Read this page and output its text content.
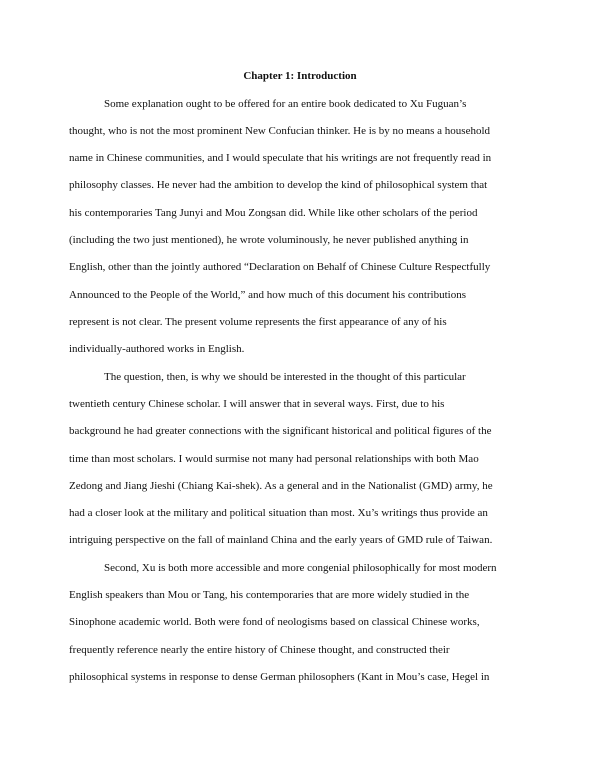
Chapter 1: Introduction

Some explanation ought to be offered for an entire book dedicated to Xu Fuguan’s

thought, who is not the most prominent New Confucian thinker. He is by no means a household

name in Chinese communities, and I would speculate that his writings are not frequently read in

philosophy classes. He never had the ambition to develop the kind of philosophical system that

his contemporaries Tang Junyi and Mou Zongsan did. While like other scholars of the period

(including the two just mentioned), he wrote voluminously, he never published anything in

English, other than the jointly authored “Declaration on Behalf of Chinese Culture Respectfully

Announced to the People of the World,” and how much of this document his contributions

represent is not clear. The present volume represents the first appearance of any of his

individually-authored works in English.

The question, then, is why we should be interested in the thought of this particular

twentieth century Chinese scholar. I will answer that in several ways. First, due to his

background he had greater connections with the significant historical and political figures of the

time than most scholars. I would surmise not many had personal relationships with both Mao

Zedong and Jiang Jieshi (Chiang Kai-shek). As a general and in the Nationalist (GMD) army, he

had a closer look at the military and political situation than most. Xu’s writings thus provide an

intriguing perspective on the fall of mainland China and the early years of GMD rule of Taiwan.

Second, Xu is both more accessible and more congenial philosophically for most modern

English speakers than Mou or Tang, his contemporaries that are more widely studied in the

Sinophone academic world. Both were fond of neologisms based on classical Chinese works,

frequently reference nearly the entire history of Chinese thought, and constructed their

philosophical systems in response to dense German philosophers (Kant in Mou’s case, Hegel in
